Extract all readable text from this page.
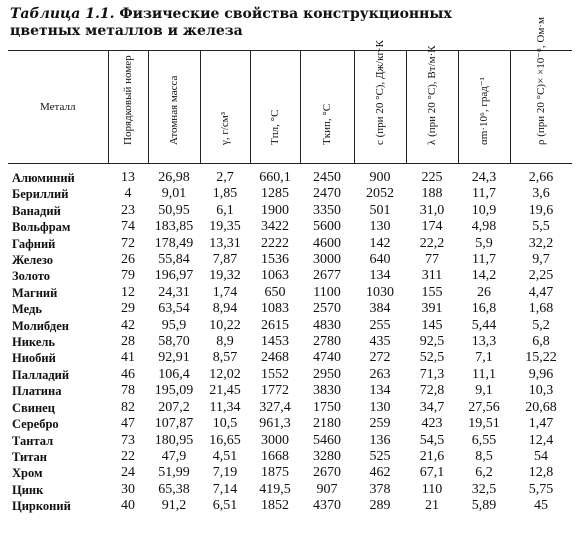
Таблица 1.1. Физические свойства конструкционных
цветных металлов и железа
Металл	Порядковый номер	Атомная масса	γ, г/см³	Tпл, °C	Tкип, °C	c (при 20 °C), Дж/кг·К	λ (при 20 °C), Вт/м·К	αm·10⁶, град⁻¹	ρ (при 20 °C)× ×10⁻⁸, Ом·м

Алюминий	13	26,98	2,7	660,1	2450	900	225	24,3	2,66
Бериллий	4	9,01	1,85	1285	2470	2052	188	11,7	3,6
Ванадий	23	50,95	6,1	1900	3350	501	31,0	10,9	19,6
Вольфрам	74	183,85	19,35	3422	5600	130	174	4,98	5,5
Гафний	72	178,49	13,31	2222	4600	142	22,2	5,9	32,2
Железо	26	55,84	7,87	1536	3000	640	77	11,7	9,7
Золото	79	196,97	19,32	1063	2677	134	311	14,2	2,25
Магний	12	24,31	1,74	650	1100	1030	155	26	4,47
Медь	29	63,54	8,94	1083	2570	384	391	16,8	1,68
Молибден	42	95,9	10,22	2615	4830	255	145	5,44	5,2
Никель	28	58,70	8,9	1453	2780	435	92,5	13,3	6,8
Ниобий	41	92,91	8,57	2468	4740	272	52,5	7,1	15,22
Палладий	46	106,4	12,02	1552	2950	263	71,3	11,1	9,96
Платина	78	195,09	21,45	1772	3830	134	72,8	9,1	10,3
Свинец	82	207,2	11,34	327,4	1750	130	34,7	27,56	20,68
Серебро	47	107,87	10,5	961,3	2180	259	423	19,51	1,47
Тантал	73	180,95	16,65	3000	5460	136	54,5	6,55	12,4
Титан	22	47,9	4,51	1668	3280	525	21,6	8,5	54
Хром	24	51,99	7,19	1875	2670	462	67,1	6,2	12,8
Цинк	30	65,38	7,14	419,5	907	378	110	32,5	5,75
Цирконий	40	91,2	6,51	1852	4370	289	21	5,89	45
